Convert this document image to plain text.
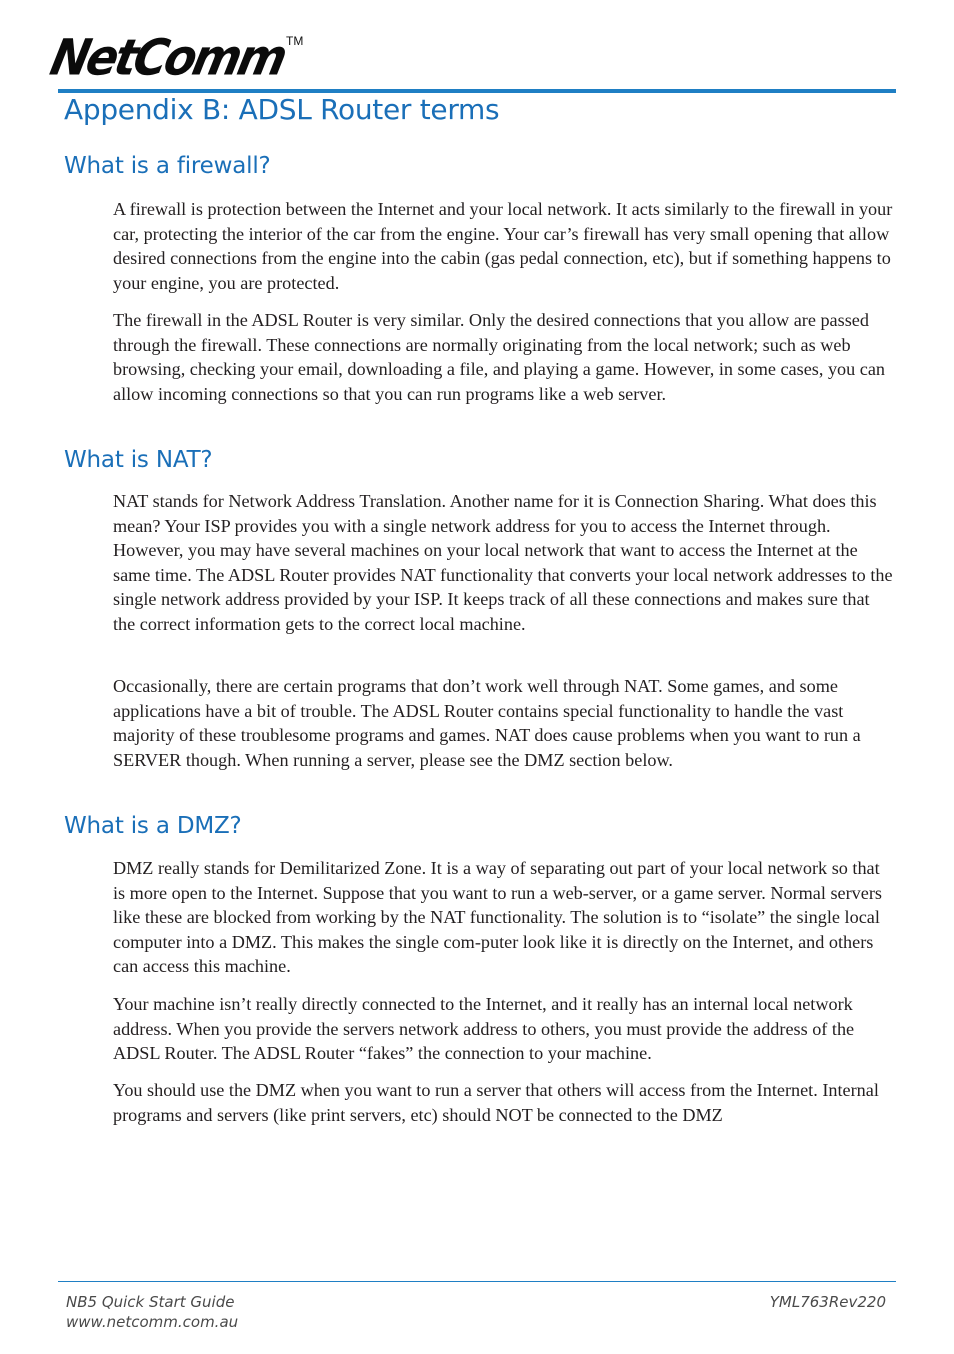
NetComm
TM
Appendix B: ADSL Router terms
What is a firewall?

A firewall is protection between the Internet and your local network. It acts similarly to the firewall in your car, protecting the interior of the car from the engine. Your car’s firewall has very small opening that allow desired connections from the engine into the cabin (gas pedal connection, etc), but if something happens to your engine, you are protected.

The firewall in the ADSL Router is very similar. Only the desired connections that you allow are passed through the firewall. These connections are normally originating from the local network; such as web browsing, checking your email, downloading a file, and playing a game. However, in some cases, you can allow incoming connections so that you can run programs like a web server.

What is NAT?

NAT stands for Network Address Translation. Another name for it is Connection Sharing. What does this mean? Your ISP provides you with a single network address for you to access the Internet through. However, you may have several machines on your local network that want to access the Internet at the same time. The ADSL Router provides NAT functionality that converts your local network addresses to the single network address provided by your ISP. It keeps track of all these connections and makes sure that the correct information gets to the correct local machine.

Occasionally, there are certain programs that don’t work well through NAT. Some games, and some applications have a bit of trouble. The ADSL Router contains special functionality to handle the vast majority of these troublesome programs and games. NAT does cause problems when you want to run a SERVER though. When running a server, please see the DMZ section below.

What is a DMZ?

DMZ really stands for Demilitarized Zone. It is a way of separating out part of your local network so that is more open to the Internet. Suppose that you want to run a web-server, or a game server. Normal servers like these are blocked from working by the NAT functionality. The solution is to “isolate” the single local computer into a DMZ. This makes the single com-puter look like it is directly on the Internet, and others can access this machine.

Your machine isn’t really directly connected to the Internet, and it really has an internal local network address. When you provide the servers network address to others, you must provide the address of the ADSL Router. The ADSL Router “fakes” the connection to your machine.

You should use the DMZ when you want to run a server that others will access from the Internet. Internal programs and servers (like print servers, etc) should NOT be connected to the DMZ

NB5 Quick Start Guide
www.netcomm.com.au
YML763Rev220
